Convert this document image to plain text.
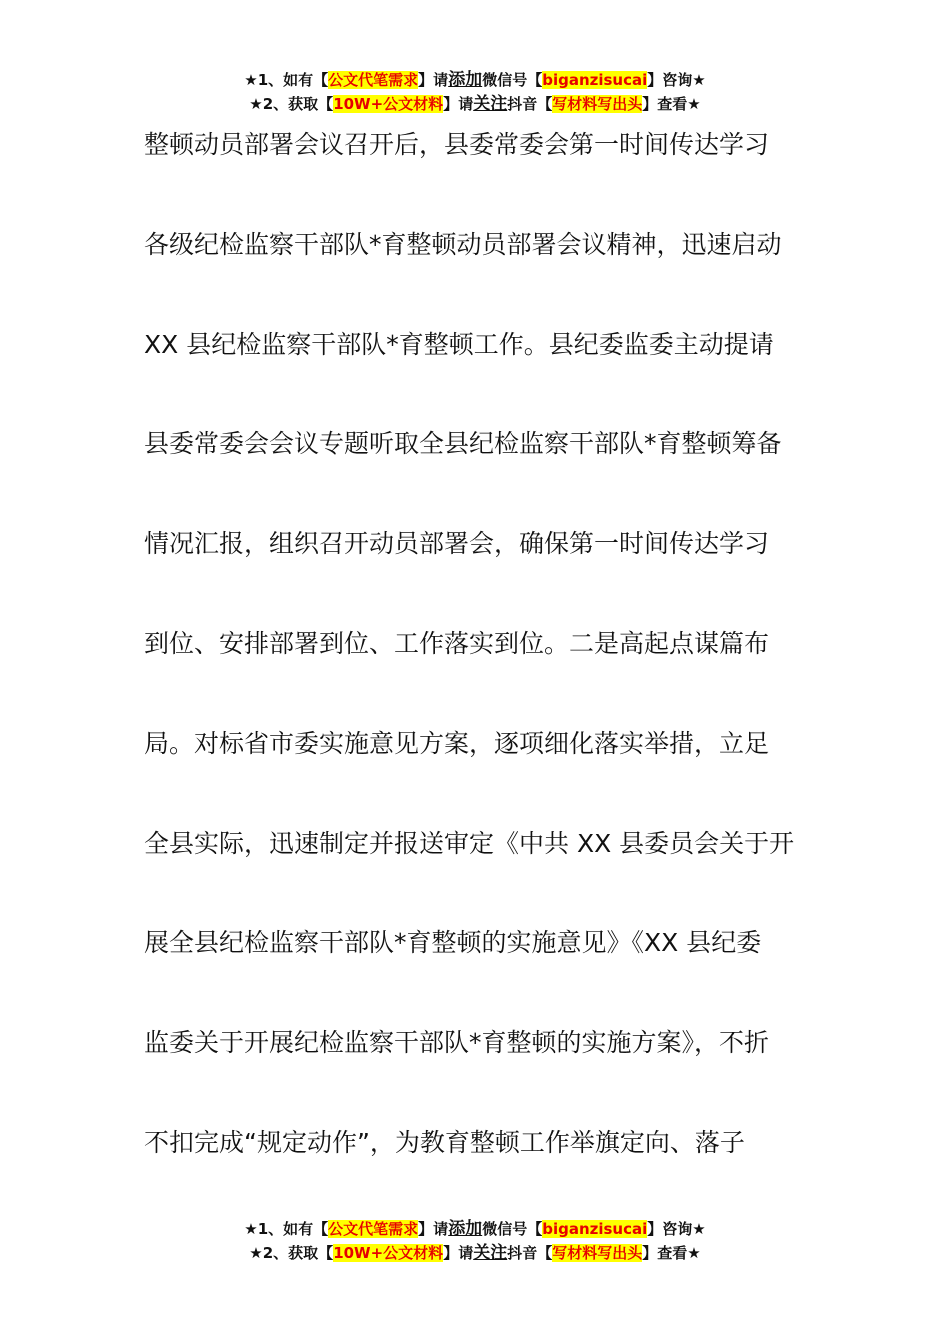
★1、如有【公文代笔需求】请添加微信号【biganzisucai】咨询★
★2、获取【10W+公文材料】请关注抖音【写材料写出头】查看★
整顿动员部署会议召开后，县委常委会第一时间传达学习
各级纪检监察干部队*育整顿动员部署会议精神，迅速启动
XX 县纪检监察干部队*育整顿工作。县纪委监委主动提请
县委常委会会议专题听取全县纪检监察干部队*育整顿筹备
情况汇报，组织召开动员部署会，确保第一时间传达学习
到位、安排部署到位、工作落实到位。二是高起点谋篇布
局。对标省市委实施意见方案，逐项细化落实举措，立足
全县实际，迅速制定并报送审定《中共 XX 县委员会关于开
展全县纪检监察干部队*育整顿的实施意见》《XX 县纪委
监委关于开展纪检监察干部队*育整顿的实施方案》，不折
不扣完成“规定动作”，为教育整顿工作举旗定向、落子
★1、如有【公文代笔需求】请添加微信号【biganzisucai】咨询★
★2、获取【10W+公文材料】请关注抖音【写材料写出头】查看★
